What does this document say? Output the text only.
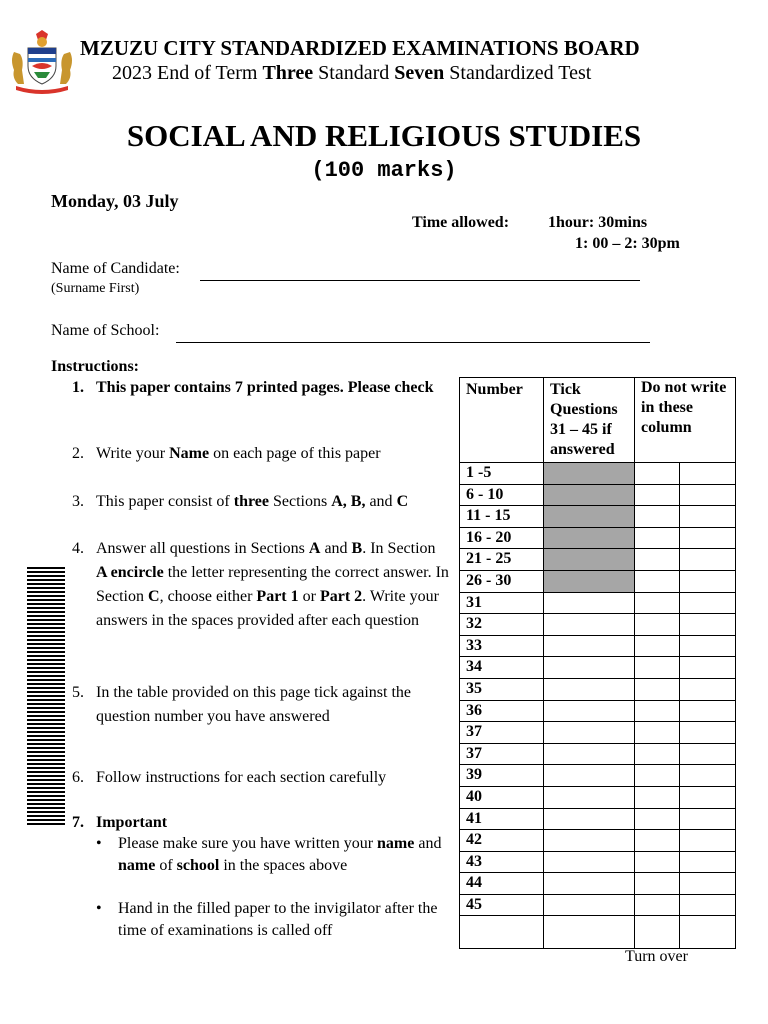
MZUZU CITY STANDARDIZED EXAMINATIONS BOARD
2023 End of Term Three Standard Seven Standardized Test
SOCIAL AND RELIGIOUS STUDIES
(100 marks)
Monday, 03 July
Time allowed: 1hour: 30mins
1: 00 – 2: 30pm
Name of Candidate:
(Surname First)
Name of School:
Instructions:
1. This paper contains 7 printed pages. Please check
2. Write your Name on each page of this paper
3. This paper consist of three Sections A, B, and C
4. Answer all questions in Sections A and B. In Section A encircle the letter representing the correct answer. In Section C, choose either Part 1 or Part 2. Write your answers in the spaces provided after each question
5. In the table provided on this page tick against the question number you have answered
6. Follow instructions for each section carefully
7. Important
• Please make sure you have written your name and name of school in the spaces above
• Hand in the filled paper to the invigilator after the time of examinations is called off
Number	Tick Questions 31 – 45 if answered	Do not write in these column	
1 -5			
6 - 10			
11 - 15			
16 - 20			
21 - 25			
26 - 30			
31			
32			
33			
34			
35			
36			
37			
37			
39			
40			
41			
42			
43			
44			
45			

Turn over
